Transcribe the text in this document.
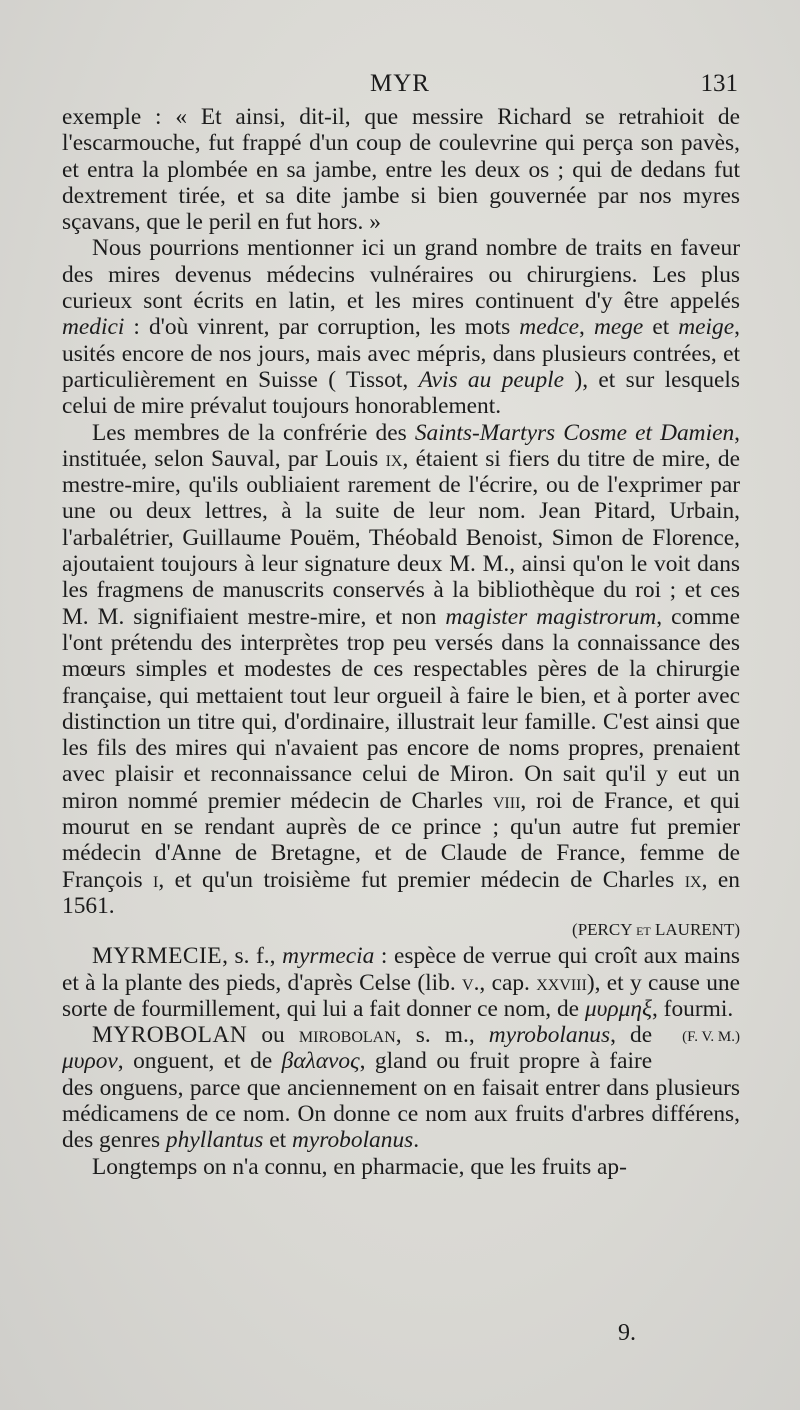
MYR	131

exemple : « Et ainsi, dit-il, que messire Richard se retrahioit de l'escarmouche, fut frappé d'un coup de coulevrine qui perça son pavès, et entra la plombée en sa jambe, entre les deux os ; qui de dedans fut dextrement tirée, et sa dite jambe si bien gouvernée par nos myres sçavans, que le peril en fut hors. »

Nous pourrions mentionner ici un grand nombre de traits en faveur des mires devenus médecins vulnéraires ou chirurgiens. Les plus curieux sont écrits en latin, et les mires continuent d'y être appelés medici : d'où vinrent, par corruption, les mots medce, mege et meige, usités encore de nos jours, mais avec mépris, dans plusieurs contrées, et particulièrement en Suisse ( Tissot, Avis au peuple ), et sur lesquels celui de mire prévalut toujours honorablement.

Les membres de la confrérie des Saints-Martyrs Cosme et Damien, instituée, selon Sauval, par Louis ix, étaient si fiers du titre de mire, de mestre-mire, qu'ils oubliaient rarement de l'écrire, ou de l'exprimer par une ou deux lettres, à la suite de leur nom. Jean Pitard, Urbain, l'arbalétrier, Guillaume Pouëm, Théobald Benoist, Simon de Florence, ajoutaient toujours à leur signature deux M. M., ainsi qu'on le voit dans les fragmens de manuscrits conservés à la bibliothèque du roi ; et ces M. M. signifiaient mestre-mire, et non magister magistrorum, comme l'ont prétendu des interprètes trop peu versés dans la connaissance des mœurs simples et modestes de ces respectables pères de la chirurgie française, qui mettaient tout leur orgueil à faire le bien, et à porter avec distinction un titre qui, d'ordinaire, illustrait leur famille. C'est ainsi que les fils des mires qui n'avaient pas encore de noms propres, prenaient avec plaisir et reconnaissance celui de Miron. On sait qu'il y eut un miron nommé premier médecin de Charles viii, roi de France, et qui mourut en se rendant auprès de ce prince ; qu'un autre fut premier médecin d'Anne de Bretagne, et de Claude de France, femme de François i, et qu'un troisième fut premier médecin de Charles ix, en 1561.

(PERCY et LAURENT)

MYRMECIE, s. f., myrmecia : espèce de verrue qui croît aux mains et à la plante des pieds, d'après Celse (lib. v., cap. xxviii), et y cause une sorte de fourmillement, qui lui a fait donner ce nom, de μυρμηξ, fourmi.
(F. V. M.)

MYROBOLAN ou mirobolan, s. m., myrobolanus, de μυρον, onguent, et de βαλανος, gland ou fruit propre à faire des onguens, parce que anciennement on en faisait entrer dans plusieurs médicamens de ce nom. On donne ce nom aux fruits d'arbres différens, des genres phyllantus et myrobolanus.

Longtemps on n'a connu, en pharmacie, que les fruits ap-

9.
